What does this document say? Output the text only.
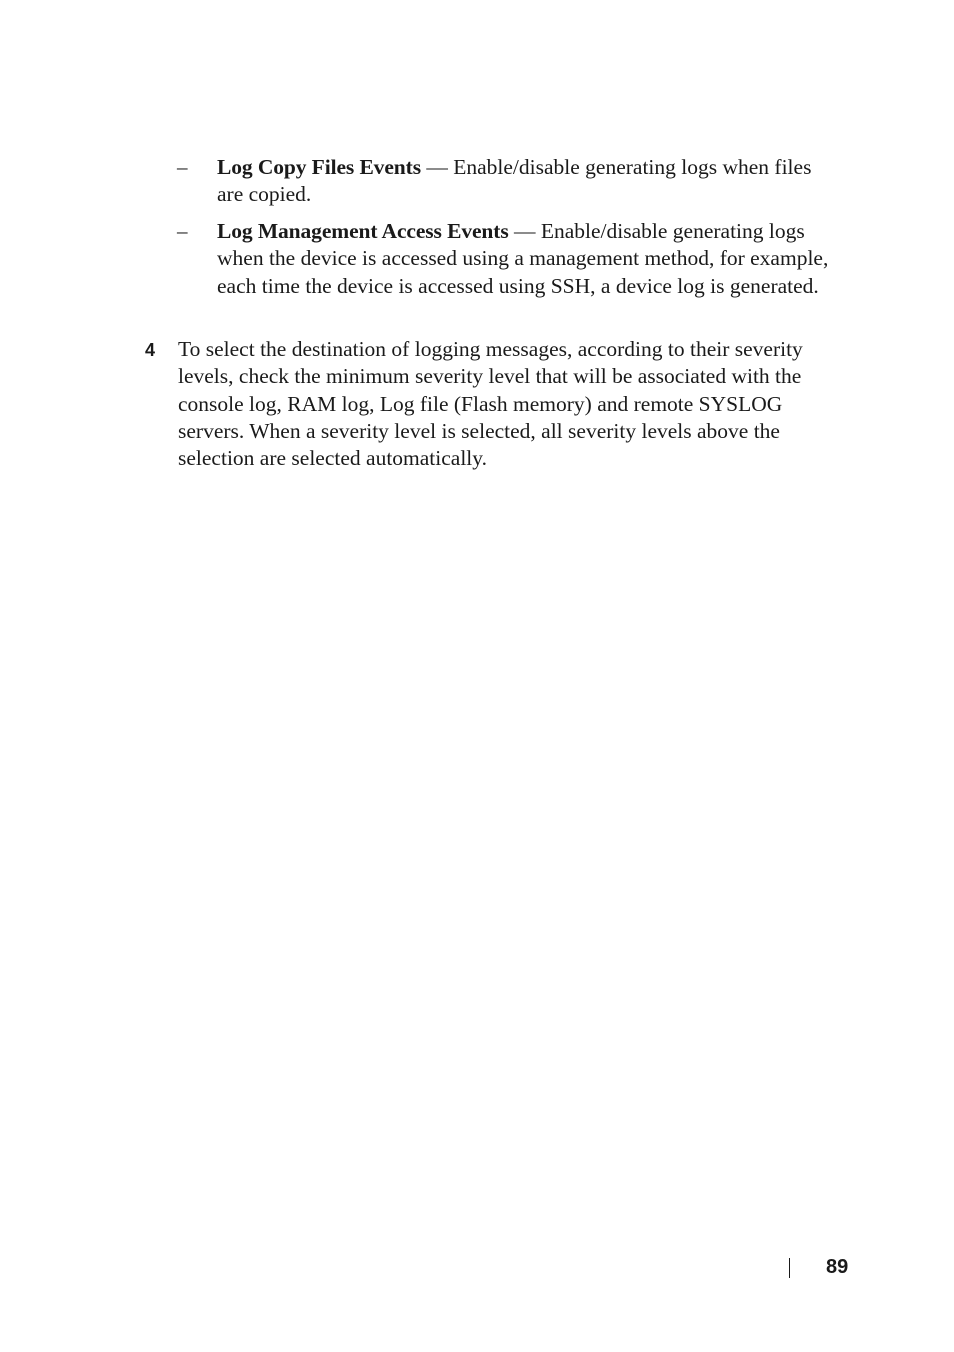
– Log Copy Files Events — Enable/disable generating logs when files are copied.
– Log Management Access Events — Enable/disable generating logs when the device is accessed using a management method, for example, each time the device is accessed using SSH, a device log is generated.
4 To select the destination of logging messages, according to their severity levels, check the minimum severity level that will be associated with the console log, RAM log, Log file (Flash memory) and remote SYSLOG servers. When a severity level is selected, all severity levels above the selection are selected automatically.
89
